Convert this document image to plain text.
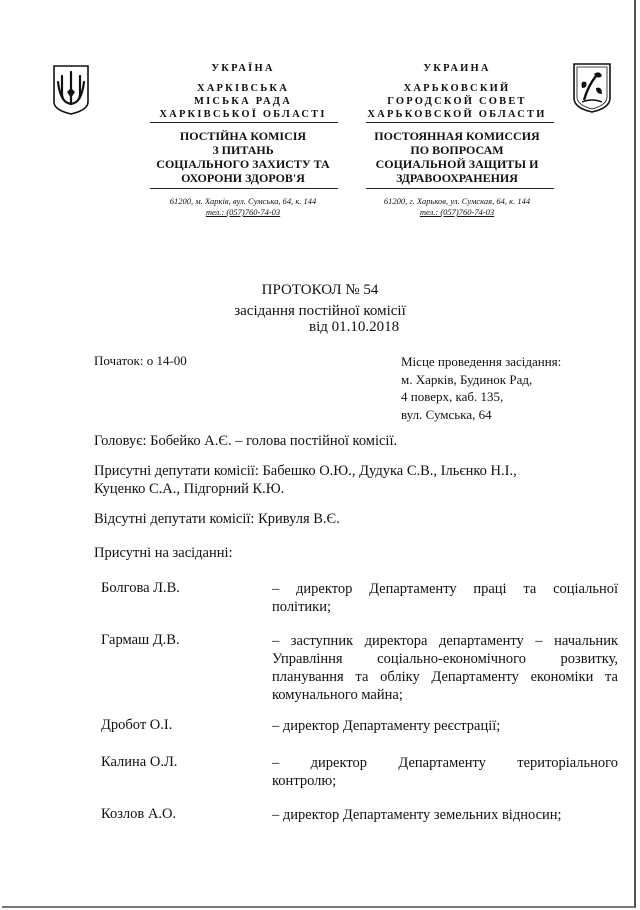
УКРАЇНА
ХАРКІВСЬКА
МІСЬКА РАДА
ХАРКІВСЬКОЇ ОБЛАСТІ
ПОСТІЙНА КОМІСІЯ
З ПИТАНЬ
СОЦІАЛЬНОГО ЗАХИСТУ ТА
ОХОРОНИ ЗДОРОВ'Я
61200, м. Харків, вул. Сумська, 64, к. 144
тел.: (057)760-74-03
УКРАИНА
ХАРЬКОВСКИЙ
ГОРОДСКОЙ СОВЕТ
ХАРЬКОВСКОЙ ОБЛАСТИ
ПОСТОЯННАЯ КОМИССИЯ
ПО ВОПРОСАМ
СОЦИАЛЬНОЙ ЗАЩИТЫ И
ЗДРАВООХРАНЕНИЯ
61200, г. Харьков, ул. Сумская, 64, к. 144
тел.: (057)760-74-03
ПРОТОКОЛ № 54
засідання постійної комісії
від 01.10.2018
Початок: о 14-00	Місце проведення засідання:
м. Харків, Будинок Рад,
4 поверх, каб. 135,
вул. Сумська, 64
Головує: Бобейко А.Є. – голова постійної комісії.
Присутні депутати комісії: Бабешко О.Ю., Дудука С.В., Ільєнко Н.І.,
Куценко С.А., Підгорний К.Ю.
Відсутні депутати комісії: Кривуля В.Є.
Присутні на засіданні:
Болгова Л.В.	– директор Департаменту праці та соціальної
політики;
Гармаш Д.В.	– заступник директора департаменту – начальник
Управління соціально-економічного розвитку,
планування та обліку Департаменту економіки та
комунального майна;
Дробот О.І.	– директор Департаменту реєстрації;
Калина О.Л.	– директор Департаменту територіального
контролю;
Козлов А.О.	– директор Департаменту земельних відносин;
